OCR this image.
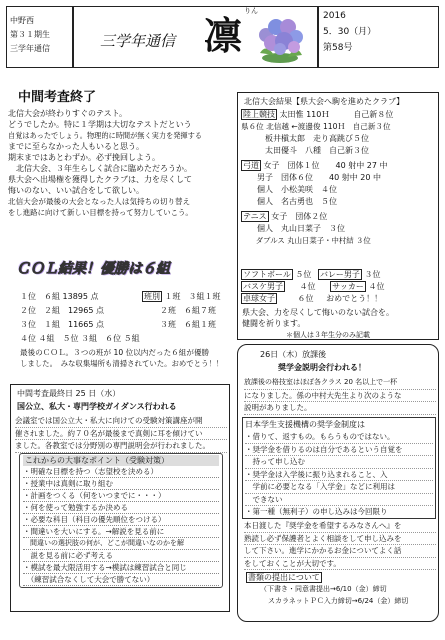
中野西
第３１期生
三学年通信	三学年通信
りん
凛	2016
5．30（月）
第58号
中間考査終了
北信大会が終わりすぐのテスト。
どうでしたか。特に１学期は大切なテストだという
自覚はあったでしょう。物理的に時間が無く実力を発揮する
までに至らなかった人もいると思う。
期末まではあとわずか。必ず挽回しよう。
　北信大会、３年生らしく試合に臨めただろうか。
県大会へ出場権を獲得したクラブは、力を尽くして
悔いのない、いい試合をして欲しい。
北信大会が最後の大会となった人は気持ちの切り替え
をし進路に向けて新しい目標を持って努力していこう。
ＣＯＬ結果！優勝は６組
１位　６組 13895 点
２位　２組　12965 点
３位　１組　11665 点
４位 ４組　５位 ３組　６位 ５組
班別 １班　３組１班
２班　６組７班
３班　６組１班
最後のＣＯＬ。３つの班が 10 位以内だった６組が優勝
しました。　みな収集場所も清掃されていた。おめでとう！！
北信大会結果【県大会へ駒を進めたクラブ】
陸上競技 太田惟 110Ｈ　　　自己新８位
県６位 北信越 ←渡邊俊 110Ｈ　自己新３位
　　　板井槇太郎　走り高跳び５位
　　　太田優斗　八種　自己新３位
弓道 女子　団体１位　　40 射中 27 中
　　男子　団体６位　　40 射中 20 中
　　個人　小松美咲　４位
　　個人　名古勇也　５位
テニス 女子　団体２位
　　個人　丸山日菜子　３位
　　ダブルス 丸山日菜子・中村結 ３位
ソフトボール ５位 バレー男子 ３位
バスケ男子 ４位 サッカー ４位
卓球女子	６位 おめでとう！！
県大会、力を尽くして悔いのない試合を。
健闘を祈ります。
＊個人は３年生分のみ記載
中間考査最終日 25 日（水）
国公立、私大・専門学校ガイダンス行われる

会議室では国公立大・私大に向けての受験対策講座が開

催されました。約７０名が最後まで真剣に耳を傾けてい

ました。各教室では分野別の専門説明会が行われました。

これからの大事なポイント（受験対策）
・明確な目標を持つ（志望校を決める）
・授業中は真剣に取り組む
・計画をつくる（何をいつまでに・・・）
・何を使って勉強するか決める
・必要な科目（科目の優先順位をつける）
・間違いを大いにする。→解説を見る前に
　間違いの選択肢の何が、どこが間違いなのかを解
　説を見る前に必ず考える
・模試を最大限活用する→模試は練習試合と同じ
　（練習試合なくして大会で勝てない）
26日（木）放課後
奨学金説明会行われる！

放課後の格技室はほぼ各クラス 20 名以上で一杯

になりました。係の中村大先生より次のような

説明がありました。

日本学生支援機構の奨学金制度は

・借りて、返すもの。もらうものではない。

・奨学金を借りるのは自分であるという自覚を

　持って申し込む

・奨学金は入学後に振り込まれること、入

　学前に必要となる「入学金」などに利用は

　できない

・第一種（無利子）の申し込みは今回限り

本日渡した『奨学金を希望するみなさんへ』を

熟読し必ず保護者とよく相談をして申し込みを

して下さい。進学にかかるお金についてよく話

をしておくことが大切です。

書類の提出について
（下書き・同意書提出→6/10（金）締切
スカラネットＰＣ入力締切→6/24（金）締切
